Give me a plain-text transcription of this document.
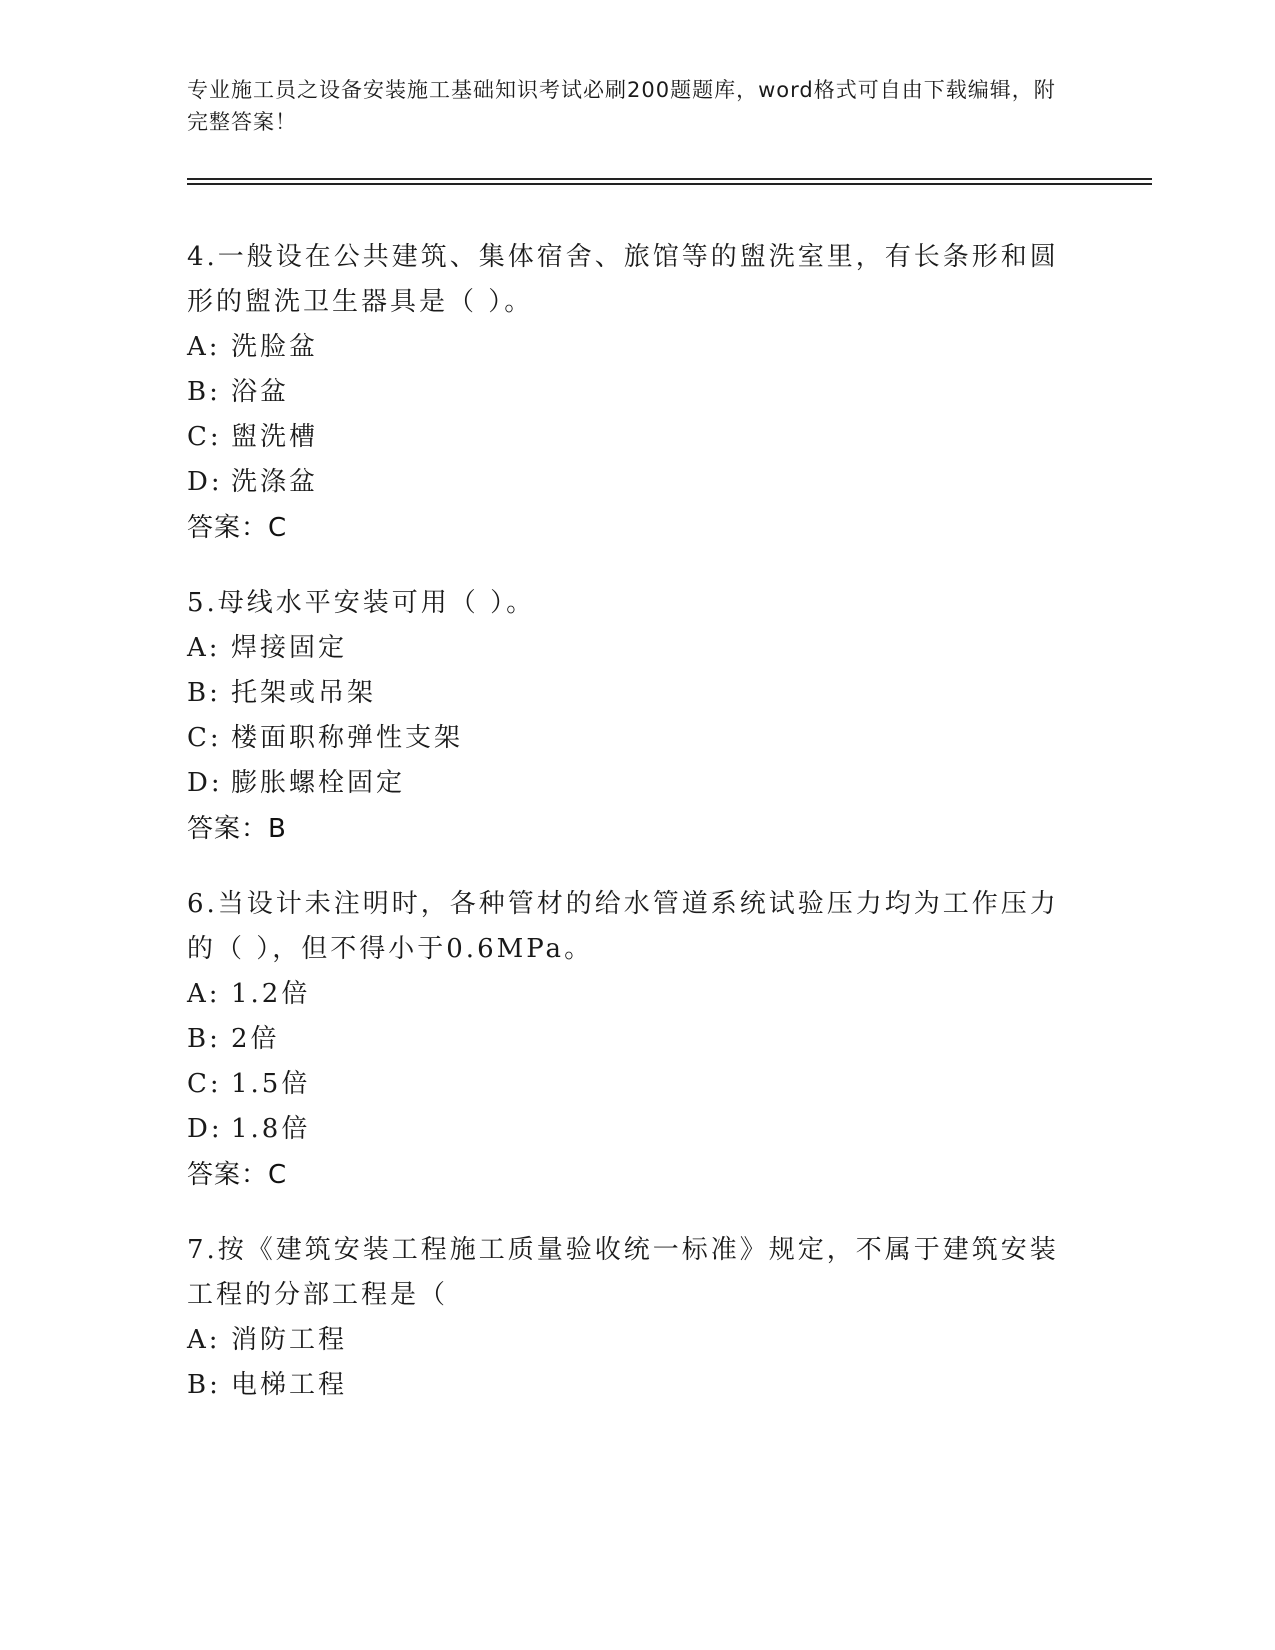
专业施工员之设备安装施工基础知识考试必刷200题题库，word格式可自由下载编辑，附完整答案！
4.一般设在公共建筑、集体宿舍、旅馆等的盥洗室里，有长条形和圆形的盥洗卫生器具是（ ）。
A: 洗脸盆
B: 浴盆
C: 盥洗槽
D: 洗涤盆
答案：C
5.母线水平安装可用（ ）。
A: 焊接固定
B: 托架或吊架
C: 楼面职称弹性支架
D: 膨胀螺栓固定
答案：B
6.当设计未注明时，各种管材的给水管道系统试验压力均为工作压力的（ ），但不得小于0.6MPa。
A: 1.2倍
B: 2倍
C: 1.5倍
D: 1.8倍
答案：C
7.按《建筑安装工程施工质量验收统一标准》规定，不属于建筑安装工程的分部工程是（
A: 消防工程
B: 电梯工程
